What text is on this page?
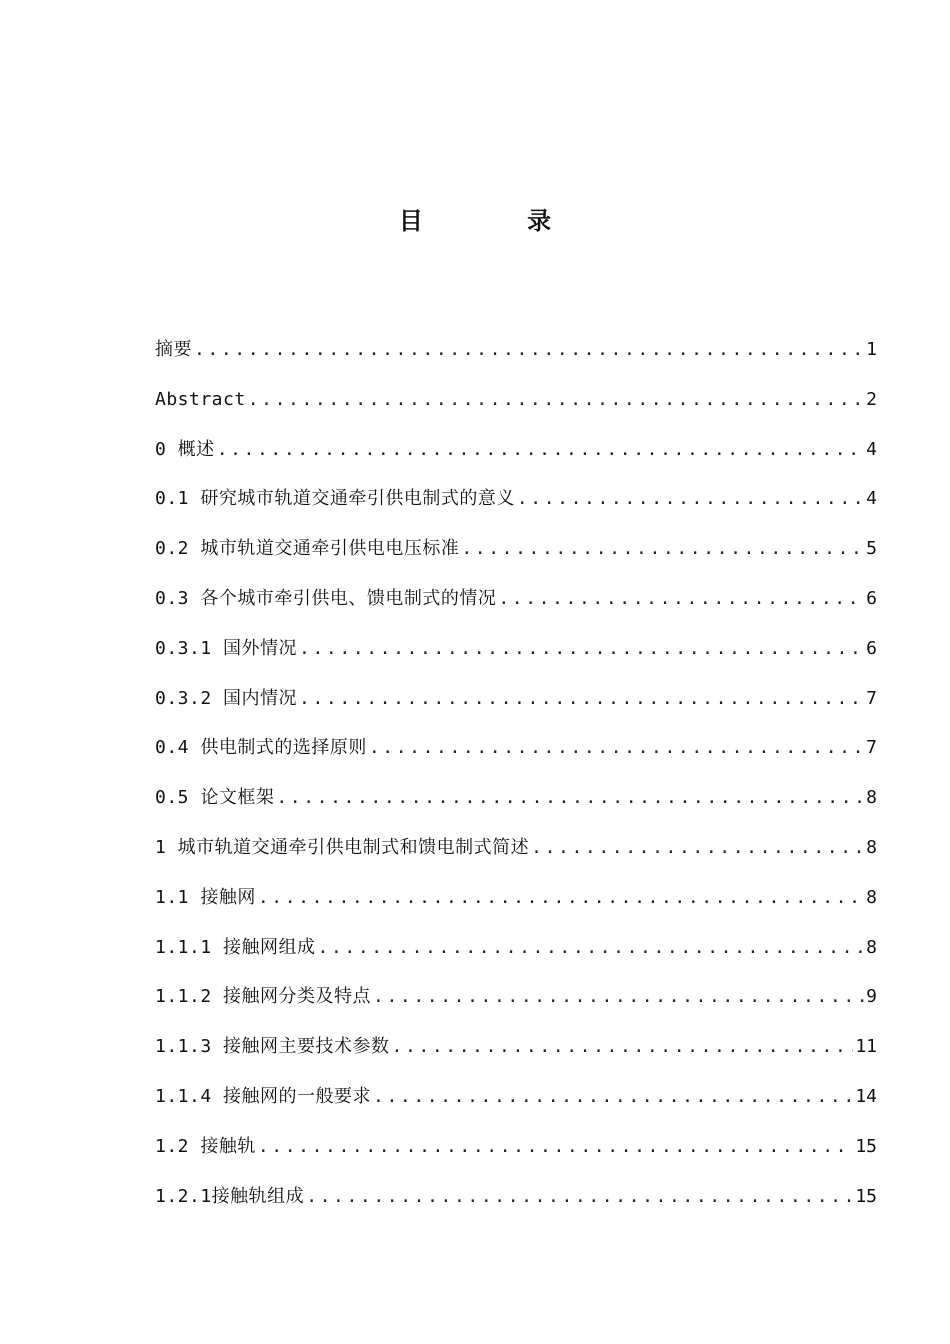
目 录
摘要 .....	1
Abstract .....	2
0 概述 .....	4
0.1 研究城市轨道交通牵引供电制式的意义 .....	4
0.2 城市轨道交通牵引供电电压标准 .....	5
0.3 各个城市牵引供电、馈电制式的情况 .....	6
0.3.1 国外情况 .....	6
0.3.2 国内情况 .....	7
0.4 供电制式的选择原则 .....	7
0.5 论文框架 .....	8
1 城市轨道交通牵引供电制式和馈电制式简述 .....	8
1.1 接触网 .....	8
1.1.1 接触网组成 .....	8
1.1.2 接触网分类及特点 .....	9
1.1.3 接触网主要技术参数 .....	11
1.1.4 接触网的一般要求 .....	14
1.2 接触轨 .....	15
1.2.1接触轨组成 .....	15
